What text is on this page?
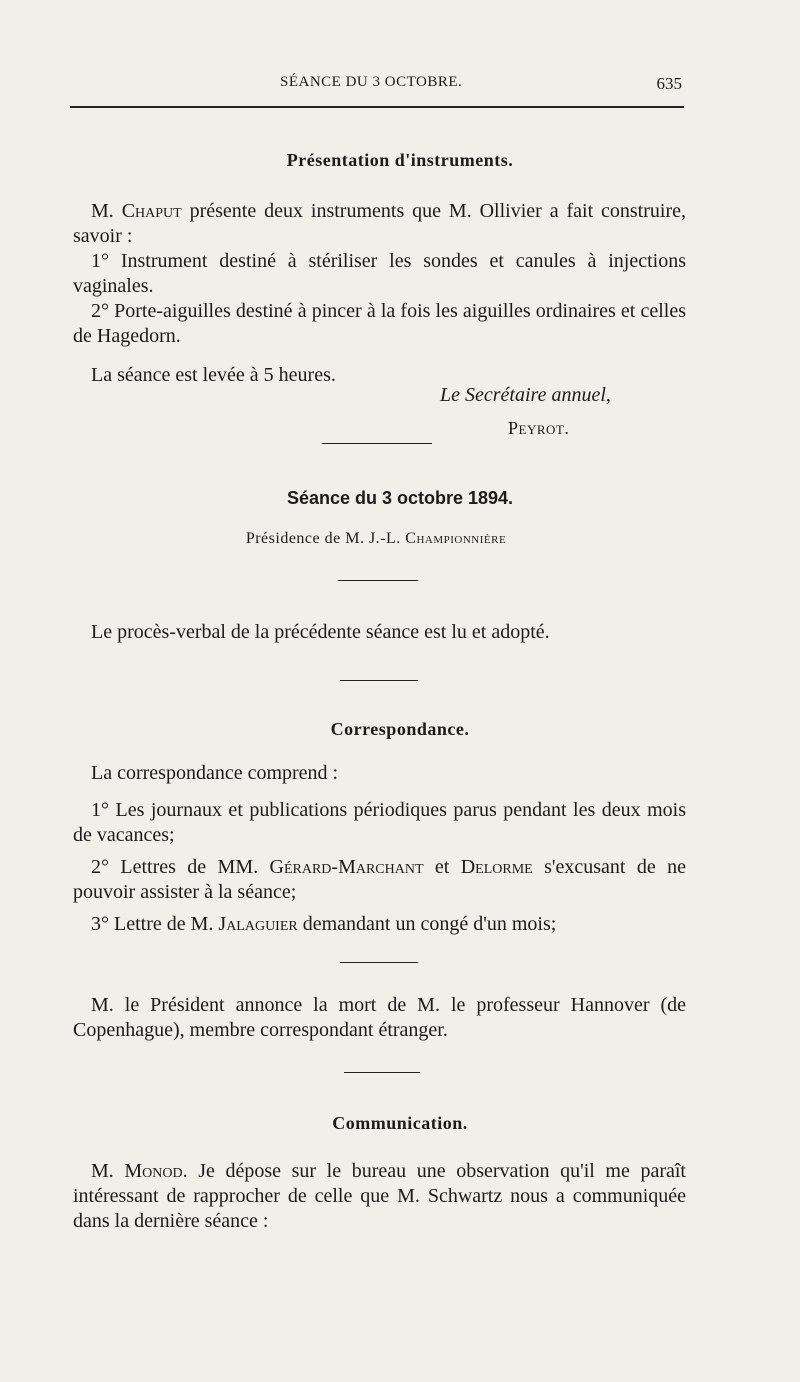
SÉANCE DU 3 OCTOBRE.	635
Présentation d'instruments.
M. Chaput présente deux instruments que M. Ollivier a fait construire, savoir :
1° Instrument destiné à stériliser les sondes et canules à injections vaginales.
2° Porte-aiguilles destiné à pincer à la fois les aiguilles ordinaires et celles de Hagedorn.
La séance est levée à 5 heures.
Le Secrétaire annuel,
Peyrot.
Séance du 3 octobre 1894.
Présidence de M. J.-L. Championnière
Le procès-verbal de la précédente séance est lu et adopté.
Correspondance.
La correspondance comprend :
1° Les journaux et publications périodiques parus pendant les deux mois de vacances;
2° Lettres de MM. Gérard-Marchant et Delorme s'excusant de ne pouvoir assister à la séance;
3° Lettre de M. Jalaguier demandant un congé d'un mois;
M. le Président annonce la mort de M. le professeur Hannover (de Copenhague), membre correspondant étranger.
Communication.
M. Monod. Je dépose sur le bureau une observation qu'il me paraît intéressant de rapprocher de celle que M. Schwartz nous a communiquée dans la dernière séance :
